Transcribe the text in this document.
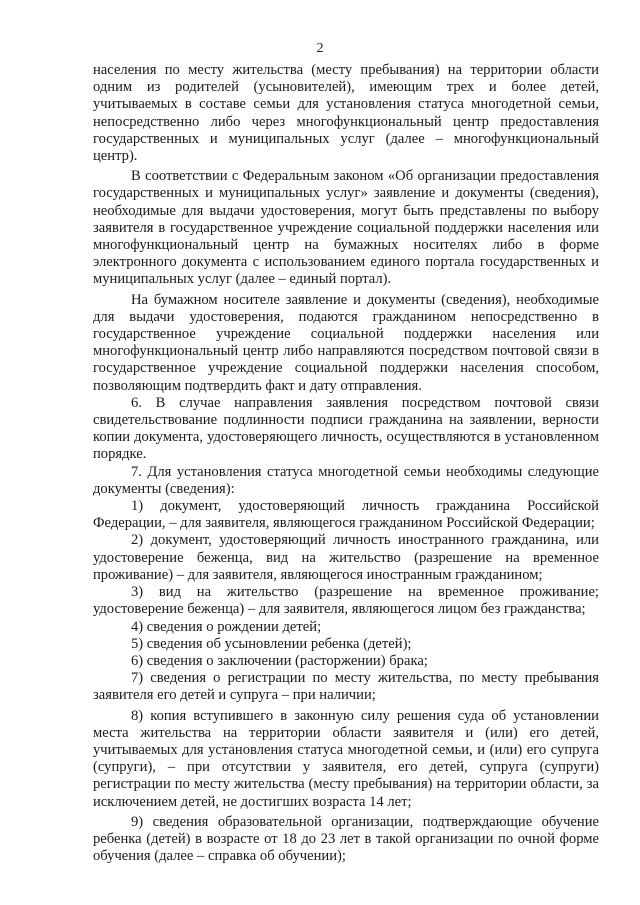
2

населения по месту жительства (месту пребывания) на территории области одним из родителей (усыновителей), имеющим трех и более детей, учитываемых в составе семьи для установления статуса многодетной семьи, непосредственно либо через многофункциональный центр предоставления государственных и муниципальных услуг (далее – многофункциональный центр).

В соответствии с Федеральным законом «Об организации предоставления государственных и муниципальных услуг» заявление и документы (сведения), необходимые для выдачи удостоверения, могут быть представлены по выбору заявителя в государственное учреждение социальной поддержки населения или многофункциональный центр на бумажных носителях либо в форме электронного документа с использованием единого портала государственных и муниципальных услуг (далее – единый портал).

На бумажном носителе заявление и документы (сведения), необходимые для выдачи удостоверения, подаются гражданином непосредственно в государственное учреждение социальной поддержки населения или многофункциональный центр либо направляются посредством почтовой связи в государственное учреждение социальной поддержки населения способом, позволяющим подтвердить факт и дату отправления.

6. В случае направления заявления посредством почтовой связи свидетельствование подлинности подписи гражданина на заявлении, верности копии документа, удостоверяющего личность, осуществляются в установленном порядке.

7. Для установления статуса многодетной семьи необходимы следующие документы (сведения):

1) документ, удостоверяющий личность гражданина Российской Федерации, – для заявителя, являющегося гражданином Российской Федерации;

2) документ, удостоверяющий личность иностранного гражданина, или удостоверение беженца, вид на жительство (разрешение на временное проживание) – для заявителя, являющегося иностранным гражданином;

3) вид на жительство (разрешение на временное проживание; удостоверение беженца) – для заявителя, являющегося лицом без гражданства;

4) сведения о рождении детей;

5) сведения об усыновлении ребенка (детей);

6) сведения о заключении (расторжении) брака;

7) сведения о регистрации по месту жительства, по месту пребывания заявителя его детей и супруга – при наличии;

8) копия вступившего в законную силу решения суда об установлении места жительства на территории области заявителя и (или) его детей, учитываемых для установления статуса многодетной семьи, и (или) его супруга (супруги), – при отсутствии у заявителя, его детей, супруга (супруги) регистрации по месту жительства (месту пребывания) на территории области, за исключением детей, не достигших возраста 14 лет;

9) сведения образовательной организации, подтверждающие обучение ребенка (детей) в возрасте от 18 до 23 лет в такой организации по очной форме обучения (далее – справка об обучении);
